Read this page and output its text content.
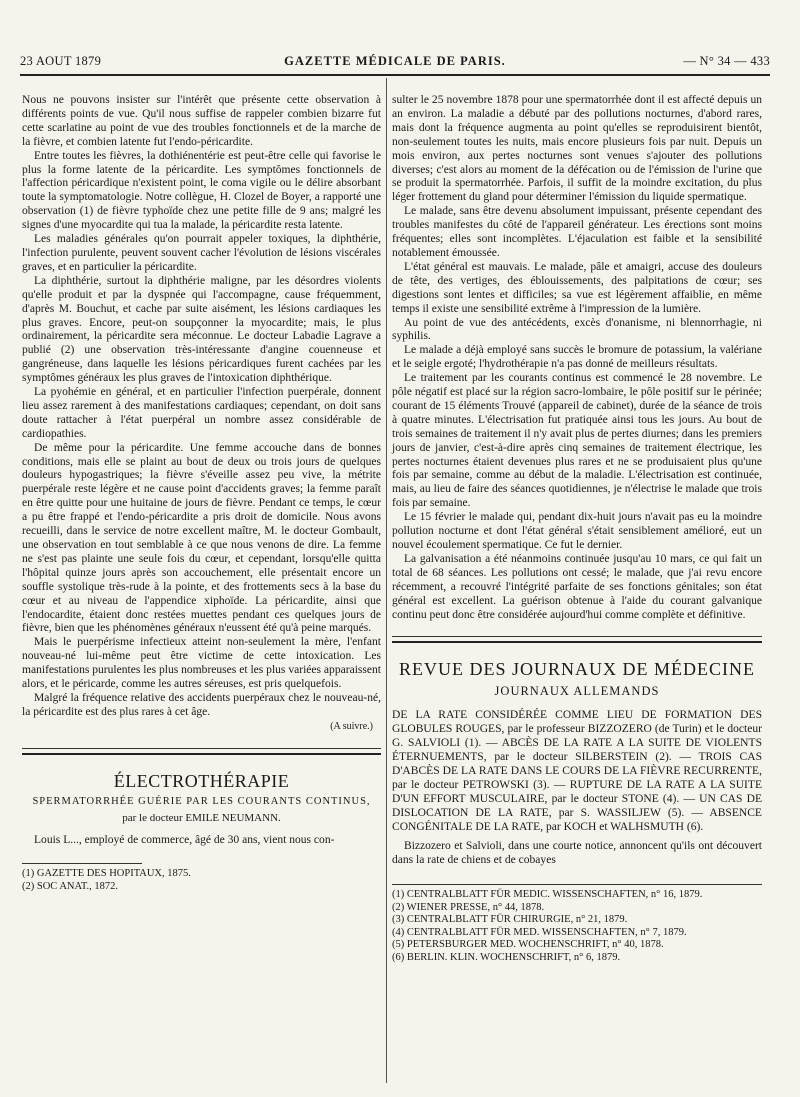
23 AOUT 1879	GAZETTE MÉDICALE DE PARIS.	— N° 34 — 433

Nous ne pouvons insister sur l'intérêt que présente cette observation à différents points de vue. Qu'il nous suffise de rappeler combien bizarre fut cette scarlatine au point de vue des troubles fonctionnels et de la marche de la fièvre, et combien latente fut l'endo-péricardite.

Entre toutes les fièvres, la dothiénentérie est peut-être celle qui favorise le plus la forme latente de la péricardite. Les symptômes fonctionnels de l'affection péricardique n'existent point, le coma vigile ou le délire absorbant toute la symptomatologie. Notre collègue, H. Clozel de Boyer, a rapporté une observation (1) de fièvre typhoïde chez une petite fille de 9 ans; malgré les signes d'une myocardite qui tua la malade, la péricardite resta latente.

Les maladies générales qu'on pourrait appeler toxiques, la diphthérie, l'infection purulente, peuvent souvent cacher l'évolution de lésions viscérales graves, et en particulier la péricardite.

La diphthérie, surtout la diphthérie maligne, par les désordres violents qu'elle produit et par la dyspnée qui l'accompagne, cause fréquemment, d'après M. Bouchut, et cache par suite aisément, les lésions cardiaques les plus graves. Encore, peut-on soupçonner la myocardite; mais, le plus ordinairement, la péricardite sera méconnue. Le docteur Labadie Lagrave a publié (2) une observation très-intéressante d'angine couenneuse et gangréneuse, dans laquelle les lésions péricardiques furent cachées par les symptômes généraux les plus graves de l'intoxication diphthérique.

La pyohémie en général, et en particulier l'infection puerpérale, donnent lieu assez rarement à des manifestations cardiaques; cependant, on doit sans doute rattacher à l'état puerpéral un nombre assez considérable de cardiopathies.

De même pour la péricardite. Une femme accouche dans de bonnes conditions, mais elle se plaint au bout de deux ou trois jours de quelques douleurs hypogastriques; la fièvre s'éveille assez peu vive, la métrite puerpérale reste légère et ne cause point d'accidents graves; la femme paraît en être quitte pour une huitaine de jours de fièvre. Pendant ce temps, le cœur a pu être frappé et l'endo-péricardite a pris droit de domicile. Nous avons recueilli, dans le service de notre excellent maître, M. le docteur Gombault, une observation en tout semblable à ce que nous venons de dire. La femme ne s'est pas plainte une seule fois du cœur, et cependant, lorsqu'elle quitta l'hôpital quinze jours après son accouchement, elle présentait encore un souffle systolique très-rude à la pointe, et des frottements secs à la base du cœur et au niveau de l'appendice xiphoïde. La péricardite, ainsi que l'endocardite, étaient donc restées muettes pendant ces quelques jours de fièvre, bien que les phénomènes généraux n'eussent été qu'à peine marqués.

Mais le puerpérisme infectieux atteint non-seulement la mère, l'enfant nouveau-né lui-même peut être victime de cette intoxication. Les manifestations purulentes les plus nombreuses et les plus variées apparaissent alors, et le péricarde, comme les autres séreuses, est pris quelquefois.

Malgré la fréquence relative des accidents puerpéraux chez le nouveau-né, la péricardite est des plus rares à cet âge.

(A suivre.)
ÉLECTROTHÉRAPIE
SPERMATORRHÉE GUÉRIE PAR LES COURANTS CONTINUS,
par le docteur EMILE NEUMANN.

Louis L..., employé de commerce, âgé de 30 ans, vient nous con-

(1) GAZETTE DES HOPITAUX, 1875.

(2) SOC ANAT., 1872.

sulter le 25 novembre 1878 pour une spermatorrhée dont il est affecté depuis un an environ. La maladie a débuté par des pollutions nocturnes, d'abord rares, mais dont la fréquence augmenta au point qu'elles se reproduisirent bientôt, non-seulement toutes les nuits, mais encore plusieurs fois par nuit. Depuis un mois environ, aux pertes nocturnes sont venues s'ajouter des pollutions diverses; c'est alors au moment de la défécation ou de l'émission de l'urine que se produit la spermatorrhée. Parfois, il suffit de la moindre excitation, du plus léger frottement du gland pour déterminer l'émission du liquide spermatique.

Le malade, sans être devenu absolument impuissant, présente cependant des troubles manifestes du côté de l'appareil générateur. Les érections sont moins fréquentes; elles sont incomplètes. L'éjaculation est faible et la sensibilité notablement émoussée.

L'état général est mauvais. Le malade, pâle et amaigri, accuse des douleurs de tête, des vertiges, des éblouissements, des palpitations de cœur; ses digestions sont lentes et difficiles; sa vue est légèrement affaiblie, en même temps il existe une sensibilité extrême à l'impression de la lumière.

Au point de vue des antécédents, excès d'onanisme, ni blennorrhagie, ni syphilis.

Le malade a déjà employé sans succès le bromure de potassium, la valériane et le seigle ergoté; l'hydrothérapie n'a pas donné de meilleurs résultats.

Le traitement par les courants continus est commencé le 28 novembre. Le pôle négatif est placé sur la région sacro-lombaire, le pôle positif sur le périnée; courant de 15 éléments Trouvé (appareil de cabinet), durée de la séance de trois à quatre minutes. L'électrisation fut pratiquée ainsi tous les jours. Au bout de trois semaines de traitement il n'y avait plus de pertes diurnes; dans les premiers jours de janvier, c'est-à-dire après cinq semaines de traitement électrique, les pertes nocturnes étaient devenues plus rares et ne se produisaient plus qu'une fois par semaine, comme au début de la maladie. L'électrisation est continuée, mais, au lieu de faire des séances quotidiennes, je n'électrise le malade que trois fois par semaine.

Le 15 février le malade qui, pendant dix-huit jours n'avait pas eu la moindre pollution nocturne et dont l'état général s'était sensiblement amélioré, eut un nouvel écoulement spermatique. Ce fut le dernier.

La galvanisation a été néanmoins continuée jusqu'au 10 mars, ce qui fait un total de 68 séances. Les pollutions ont cessé; le malade, que j'ai revu encore récemment, a recouvré l'intégrité parfaite de ses fonctions génitales; son état général est excellent. La guérison obtenue à l'aide du courant galvanique continu peut donc être considérée aujourd'hui comme complète et définitive.

REVUE DES JOURNAUX DE MÉDECINE
JOURNAUX ALLEMANDS

DE LA RATE CONSIDÉRÉE COMME LIEU DE FORMATION DES GLOBULES ROUGES, par le professeur BIZZOZERO (de Turin) et le docteur G. SALVIOLI (1). — ABCÈS DE LA RATE A LA SUITE DE VIOLENTS ÉTERNUEMENTS, par le docteur SILBERSTEIN (2). — TROIS CAS D'ABCÈS DE LA RATE DANS LE COURS DE LA FIÈVRE RECURRENTE, par le docteur PETROWSKI (3). — RUPTURE DE LA RATE A LA SUITE D'UN EFFORT MUSCULAIRE, par le docteur STONE (4). — UN CAS DE DISLOCATION DE LA RATE, par S. WASSILJEW (5). — ABSENCE CONGÉNITALE DE LA RATE, par KOCH et WALHSMUTH (6).

Bizzozero et Salvioli, dans une courte notice, annoncent qu'ils ont découvert dans la rate de chiens et de cobayes

(1) CENTRALBLATT FÜR MEDIC. WISSENSCHAFTEN, n° 16, 1879.

(2) WIENER PRESSE, n° 44, 1878.

(3) CENTRALBLATT FÜR CHIRURGIE, n° 21, 1879.

(4) CENTRALBLATT FÜR MED. WISSENSCHAFTEN, n° 7, 1879.

(5) PETERSBURGER MED. WOCHENSCHRIFT, n° 40, 1878.

(6) BERLIN. KLIN. WOCHENSCHRIFT, n° 6, 1879.
